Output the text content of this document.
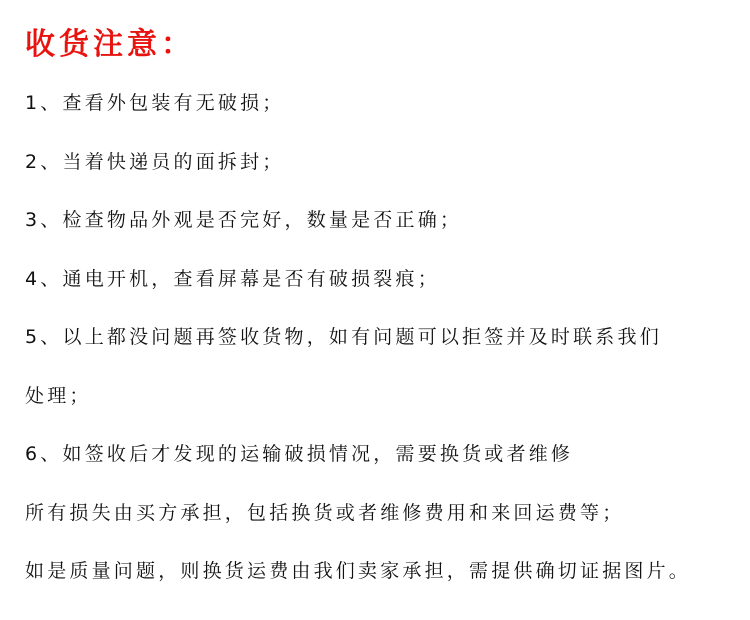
收货注意：
1、查看外包装有无破损；
2、当着快递员的面拆封；
3、检查物品外观是否完好，数量是否正确；
4、通电开机，查看屏幕是否有破损裂痕；
5、以上都没问题再签收货物，如有问题可以拒签并及时联系我们
处理；
6、如签收后才发现的运输破损情况，需要换货或者维修
所有损失由买方承担，包括换货或者维修费用和来回运费等；
如是质量问题，则换货运费由我们卖家承担，需提供确切证据图片。
